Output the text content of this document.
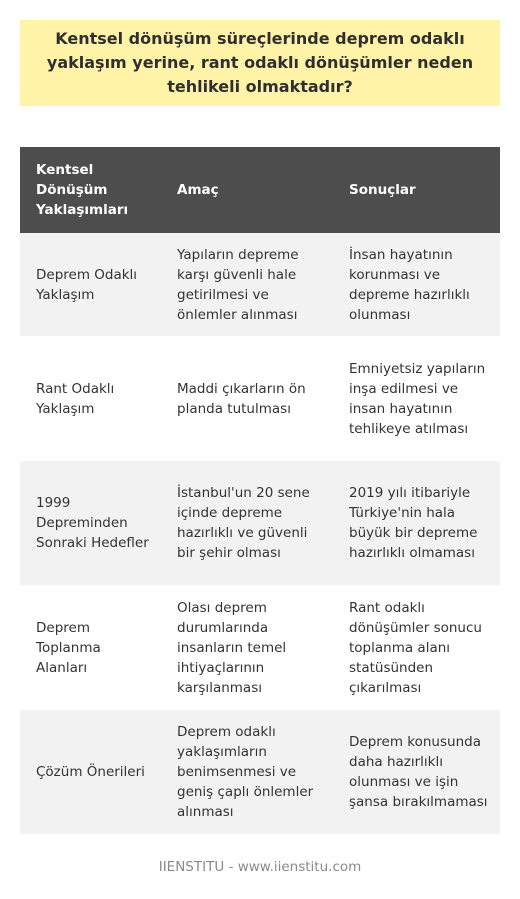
Kentsel dönüşüm süreçlerinde deprem odaklı yaklaşım yerine, rant odaklı dönüşümler neden tehlikeli olmaktadır?
Kentsel Dönüşüm Yaklaşımları	Amaç	Sonuçlar
Deprem Odaklı Yaklaşım	Yapıların depreme karşı güvenli hale getirilmesi ve önlemler alınması	İnsan hayatının korunması ve depreme hazırlıklı olunması
Rant Odaklı Yaklaşım	Maddi çıkarların ön planda tutulması	Emniyetsiz yapıların inşa edilmesi ve insan hayatının tehlikeye atılması
1999 Depreminden Sonraki Hedefler	İstanbul'un 20 sene içinde depreme hazırlıklı ve güvenli bir şehir olması	2019 yılı itibariyle Türkiye'nin hala büyük bir depreme hazırlıklı olmaması
Deprem Toplanma Alanları	Olası deprem durumlarında insanların temel ihtiyaçlarının karşılanması	Rant odaklı dönüşümler sonucu toplanma alanı statüsünden çıkarılması
Çözüm Önerileri	Deprem odaklı yaklaşımların benimsenmesi ve geniş çaplı önlemler alınması	Deprem konusunda daha hazırlıklı olunması ve işin şansa bırakılmaması
IIENSTITU - www.iienstitu.com
